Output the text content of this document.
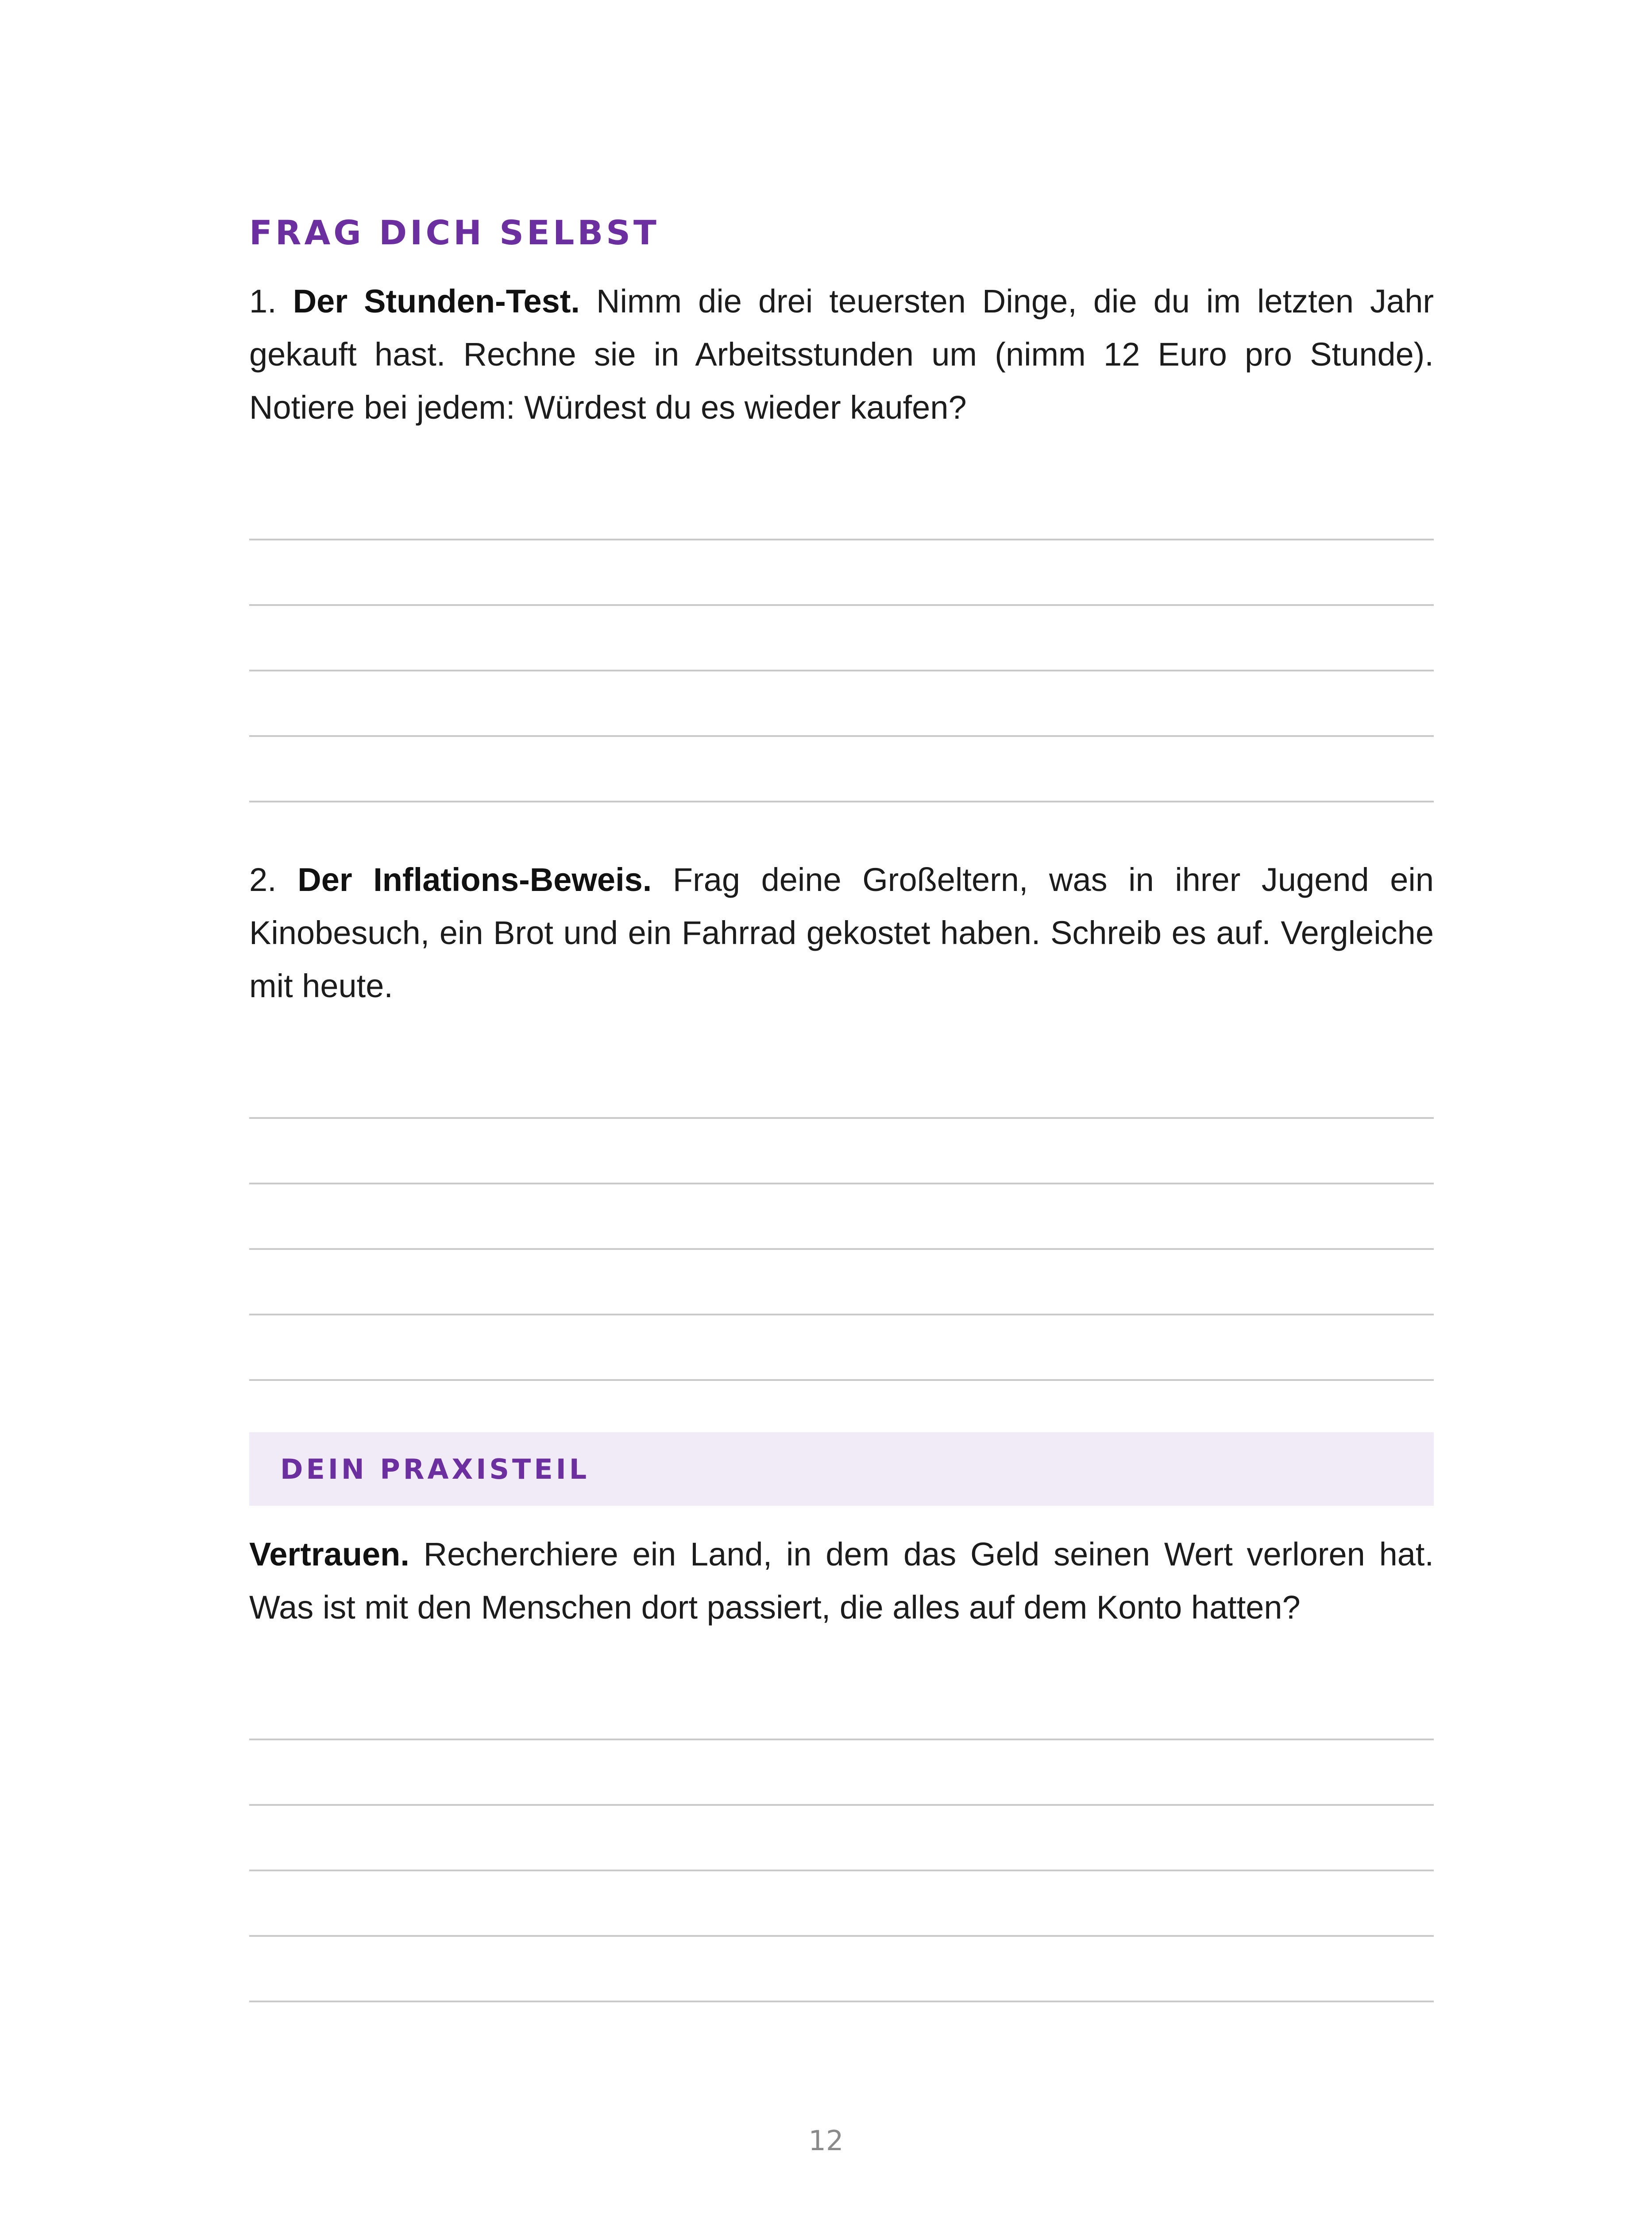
FRAG DICH SELBST

1. Der Stunden-Test. Nimm die drei teuersten Dinge, die du im letzten Jahr gekauft hast. Rechne sie in Arbeitsstunden um (nimm 12 Euro pro Stunde). Notiere bei jedem: Würdest du es wieder kaufen?

2. Der Inflations-Beweis. Frag deine Großeltern, was in ihrer Jugend ein Kinobesuch, ein Brot und ein Fahrrad gekostet haben. Schreib es auf. Vergleiche mit heute.

DEIN PRAXISTEIL

Vertrauen. Recherchiere ein Land, in dem das Geld seinen Wert verloren hat. Was ist mit den Menschen dort passiert, die alles auf dem Konto hatten?

12
